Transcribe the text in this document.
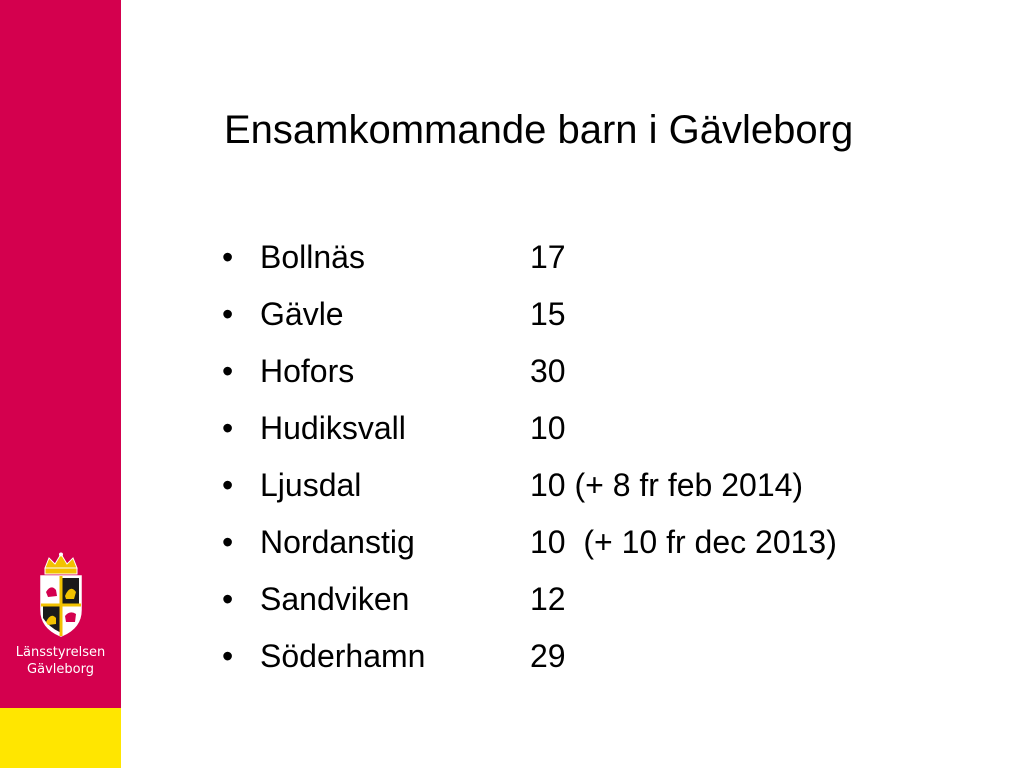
Länsstyrelsen
Gävleborg
Ensamkommande barn i Gävleborg
• Bollnäs	17
• Gävle	15
• Hofors	30
• Hudiksvall	10
• Ljusdal	10 (+ 8 fr feb 2014)
• Nordanstig	10  (+ 10 fr dec 2013)
• Sandviken	12
• Söderhamn	29
